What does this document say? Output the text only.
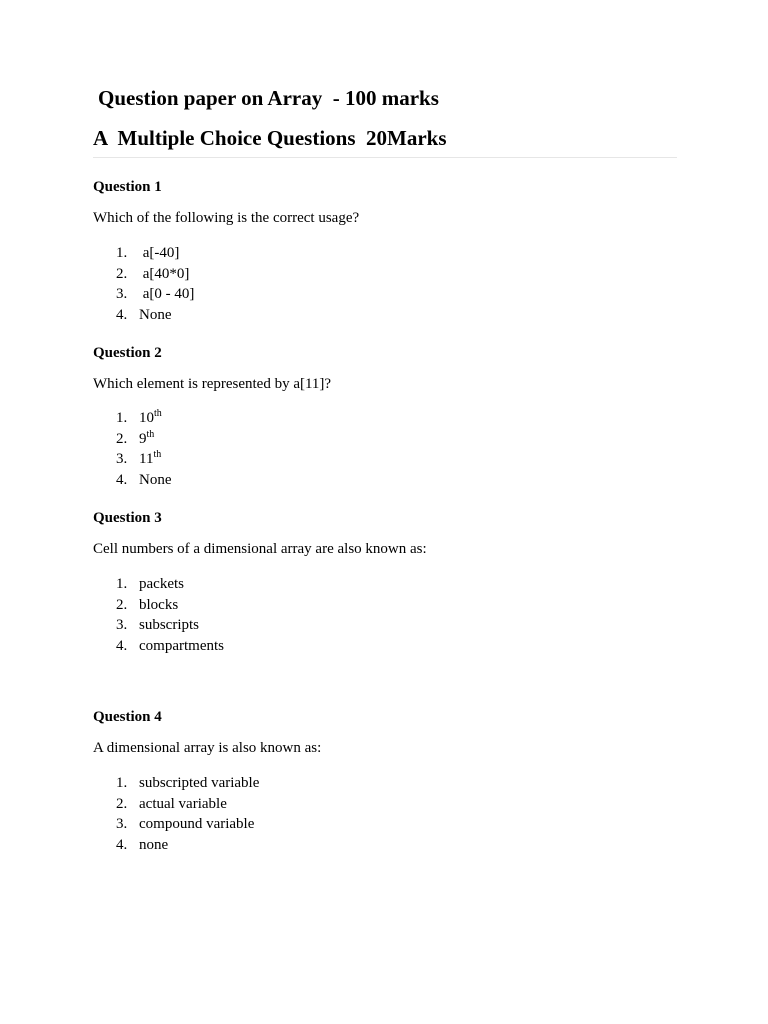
Question paper on Array  - 100 marks
A  Multiple Choice Questions  20Marks

Question 1

Which of the following is the correct usage?

1.

a[-40]

2.

a[40*0]

3.

a[0 - 40]

4.

None

Question 2

Which element is represented by a[11]?

1.

10th

2.

9th

3.

11th

4.

None

Question 3

Cell numbers of a dimensional array are also known as:

1.

packets

2.

blocks

3.

subscripts

4.

compartments

Question 4

A dimensional array is also known as:

1.

subscripted variable

2.

actual variable

3.

compound variable

4.

none
